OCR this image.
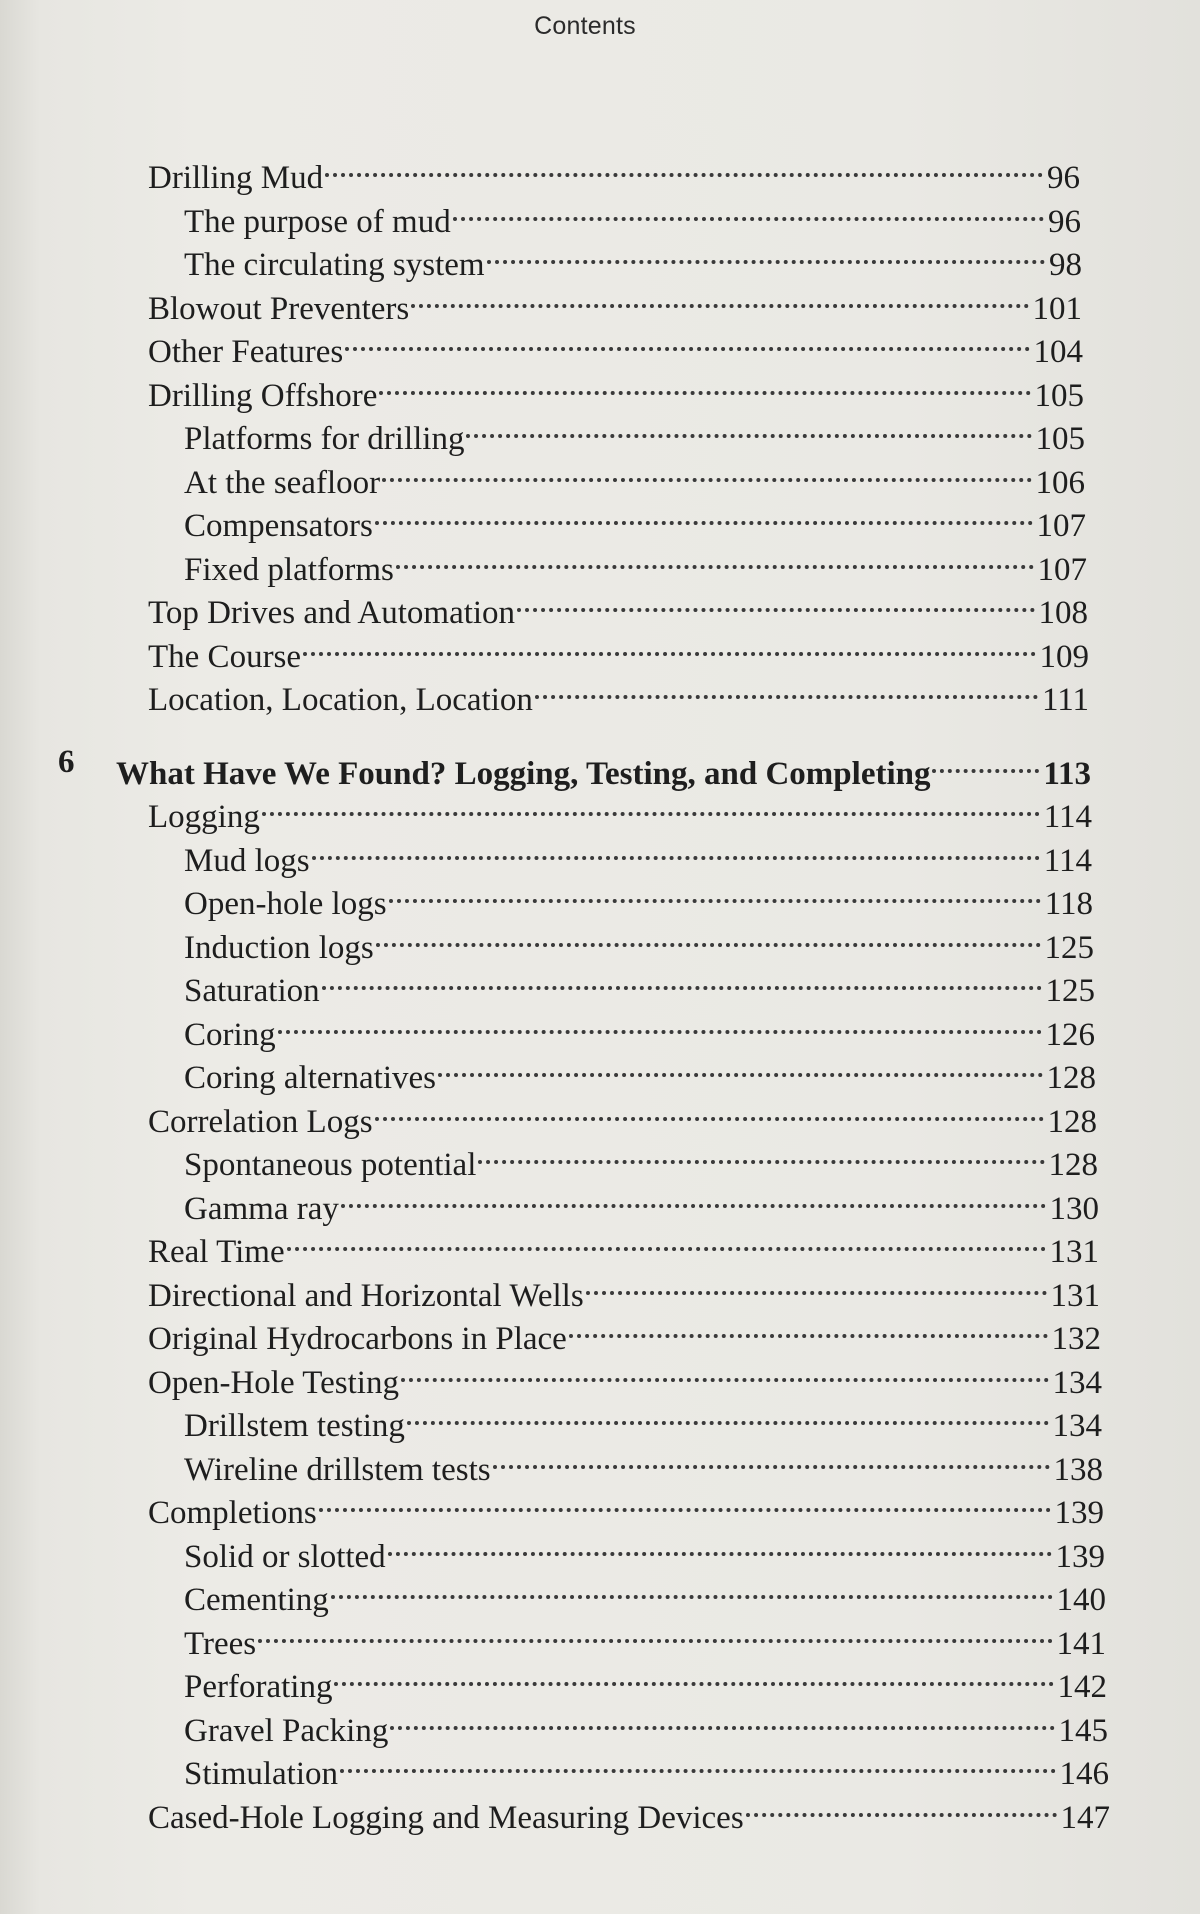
Contents
Drilling Mud	96
The purpose of mud	96
The circulating system	98
Blowout Preventers	101
Other Features	104
Drilling Offshore	105
Platforms for drilling	105
At the seafloor	106
Compensators	107
Fixed platforms	107
Top Drives and Automation	108
The Course	109
Location, Location, Location	111
6	What Have We Found? Logging, Testing, and Completing	113
Logging	114
Mud logs	114
Open-hole logs	118
Induction logs	125
Saturation	125
Coring	126
Coring alternatives	128
Correlation Logs	128
Spontaneous potential	128
Gamma ray	130
Real Time	131
Directional and Horizontal Wells	131
Original Hydrocarbons in Place	132
Open-Hole Testing	134
Drillstem testing	134
Wireline drillstem tests	138
Completions	139
Solid or slotted	139
Cementing	140
Trees	141
Perforating	142
Gravel Packing	145
Stimulation	146
Cased-Hole Logging and Measuring Devices	147
